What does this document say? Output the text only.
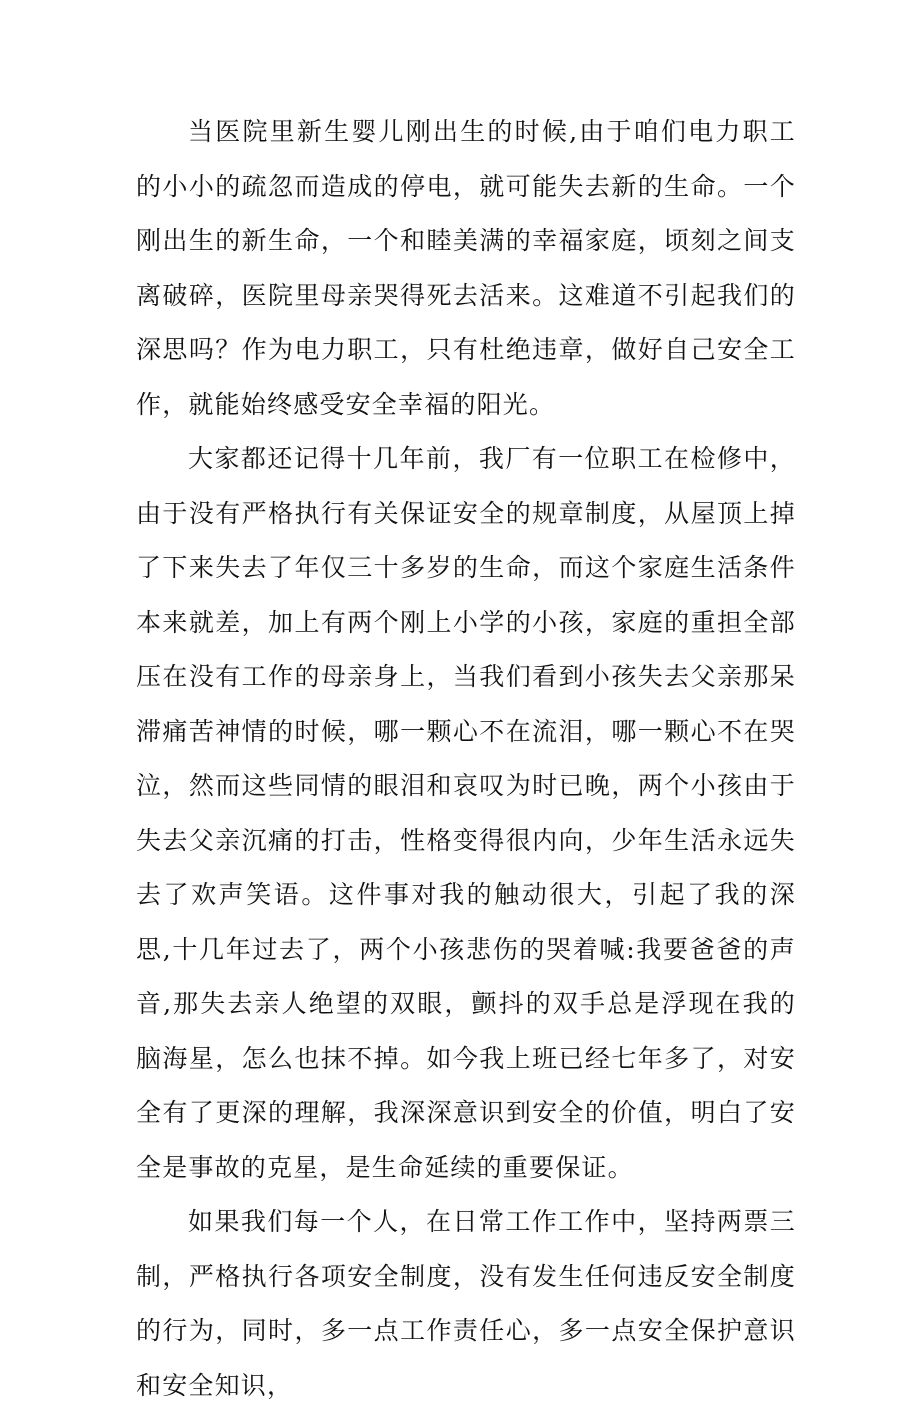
当医院里新生婴儿刚出生的时候,由于咱们电力职工的小小的疏忽而造成的停电，就可能失去新的生命。一个刚出生的新生命，一个和睦美满的幸福家庭，顷刻之间支离破碎，医院里母亲哭得死去活来。这难道不引起我们的深思吗？作为电力职工，只有杜绝违章，做好自己安全工作，就能始终感受安全幸福的阳光。

大家都还记得十几年前，我厂有一位职工在检修中，由于没有严格执行有关保证安全的规章制度，从屋顶上掉了下来失去了年仅三十多岁的生命，而这个家庭生活条件本来就差，加上有两个刚上小学的小孩，家庭的重担全部压在没有工作的母亲身上，当我们看到小孩失去父亲那呆滞痛苦神情的时候，哪一颗心不在流泪，哪一颗心不在哭泣，然而这些同情的眼泪和哀叹为时已晚，两个小孩由于失去父亲沉痛的打击，性格变得很内向，少年生活永远失去了欢声笑语。这件事对我的触动很大，引起了我的深思,十几年过去了，两个小孩悲伤的哭着喊:我要爸爸的声音,那失去亲人绝望的双眼，颤抖的双手总是浮现在我的脑海星，怎么也抹不掉。如今我上班已经七年多了，对安全有了更深的理解，我深深意识到安全的价值，明白了安全是事故的克星，是生命延续的重要保证。

如果我们每一个人，在日常工作工作中，坚持两票三制，严格执行各项安全制度，没有发生任何违反安全制度的行为，同时，多一点工作责任心，多一点安全保护意识和安全知识，
